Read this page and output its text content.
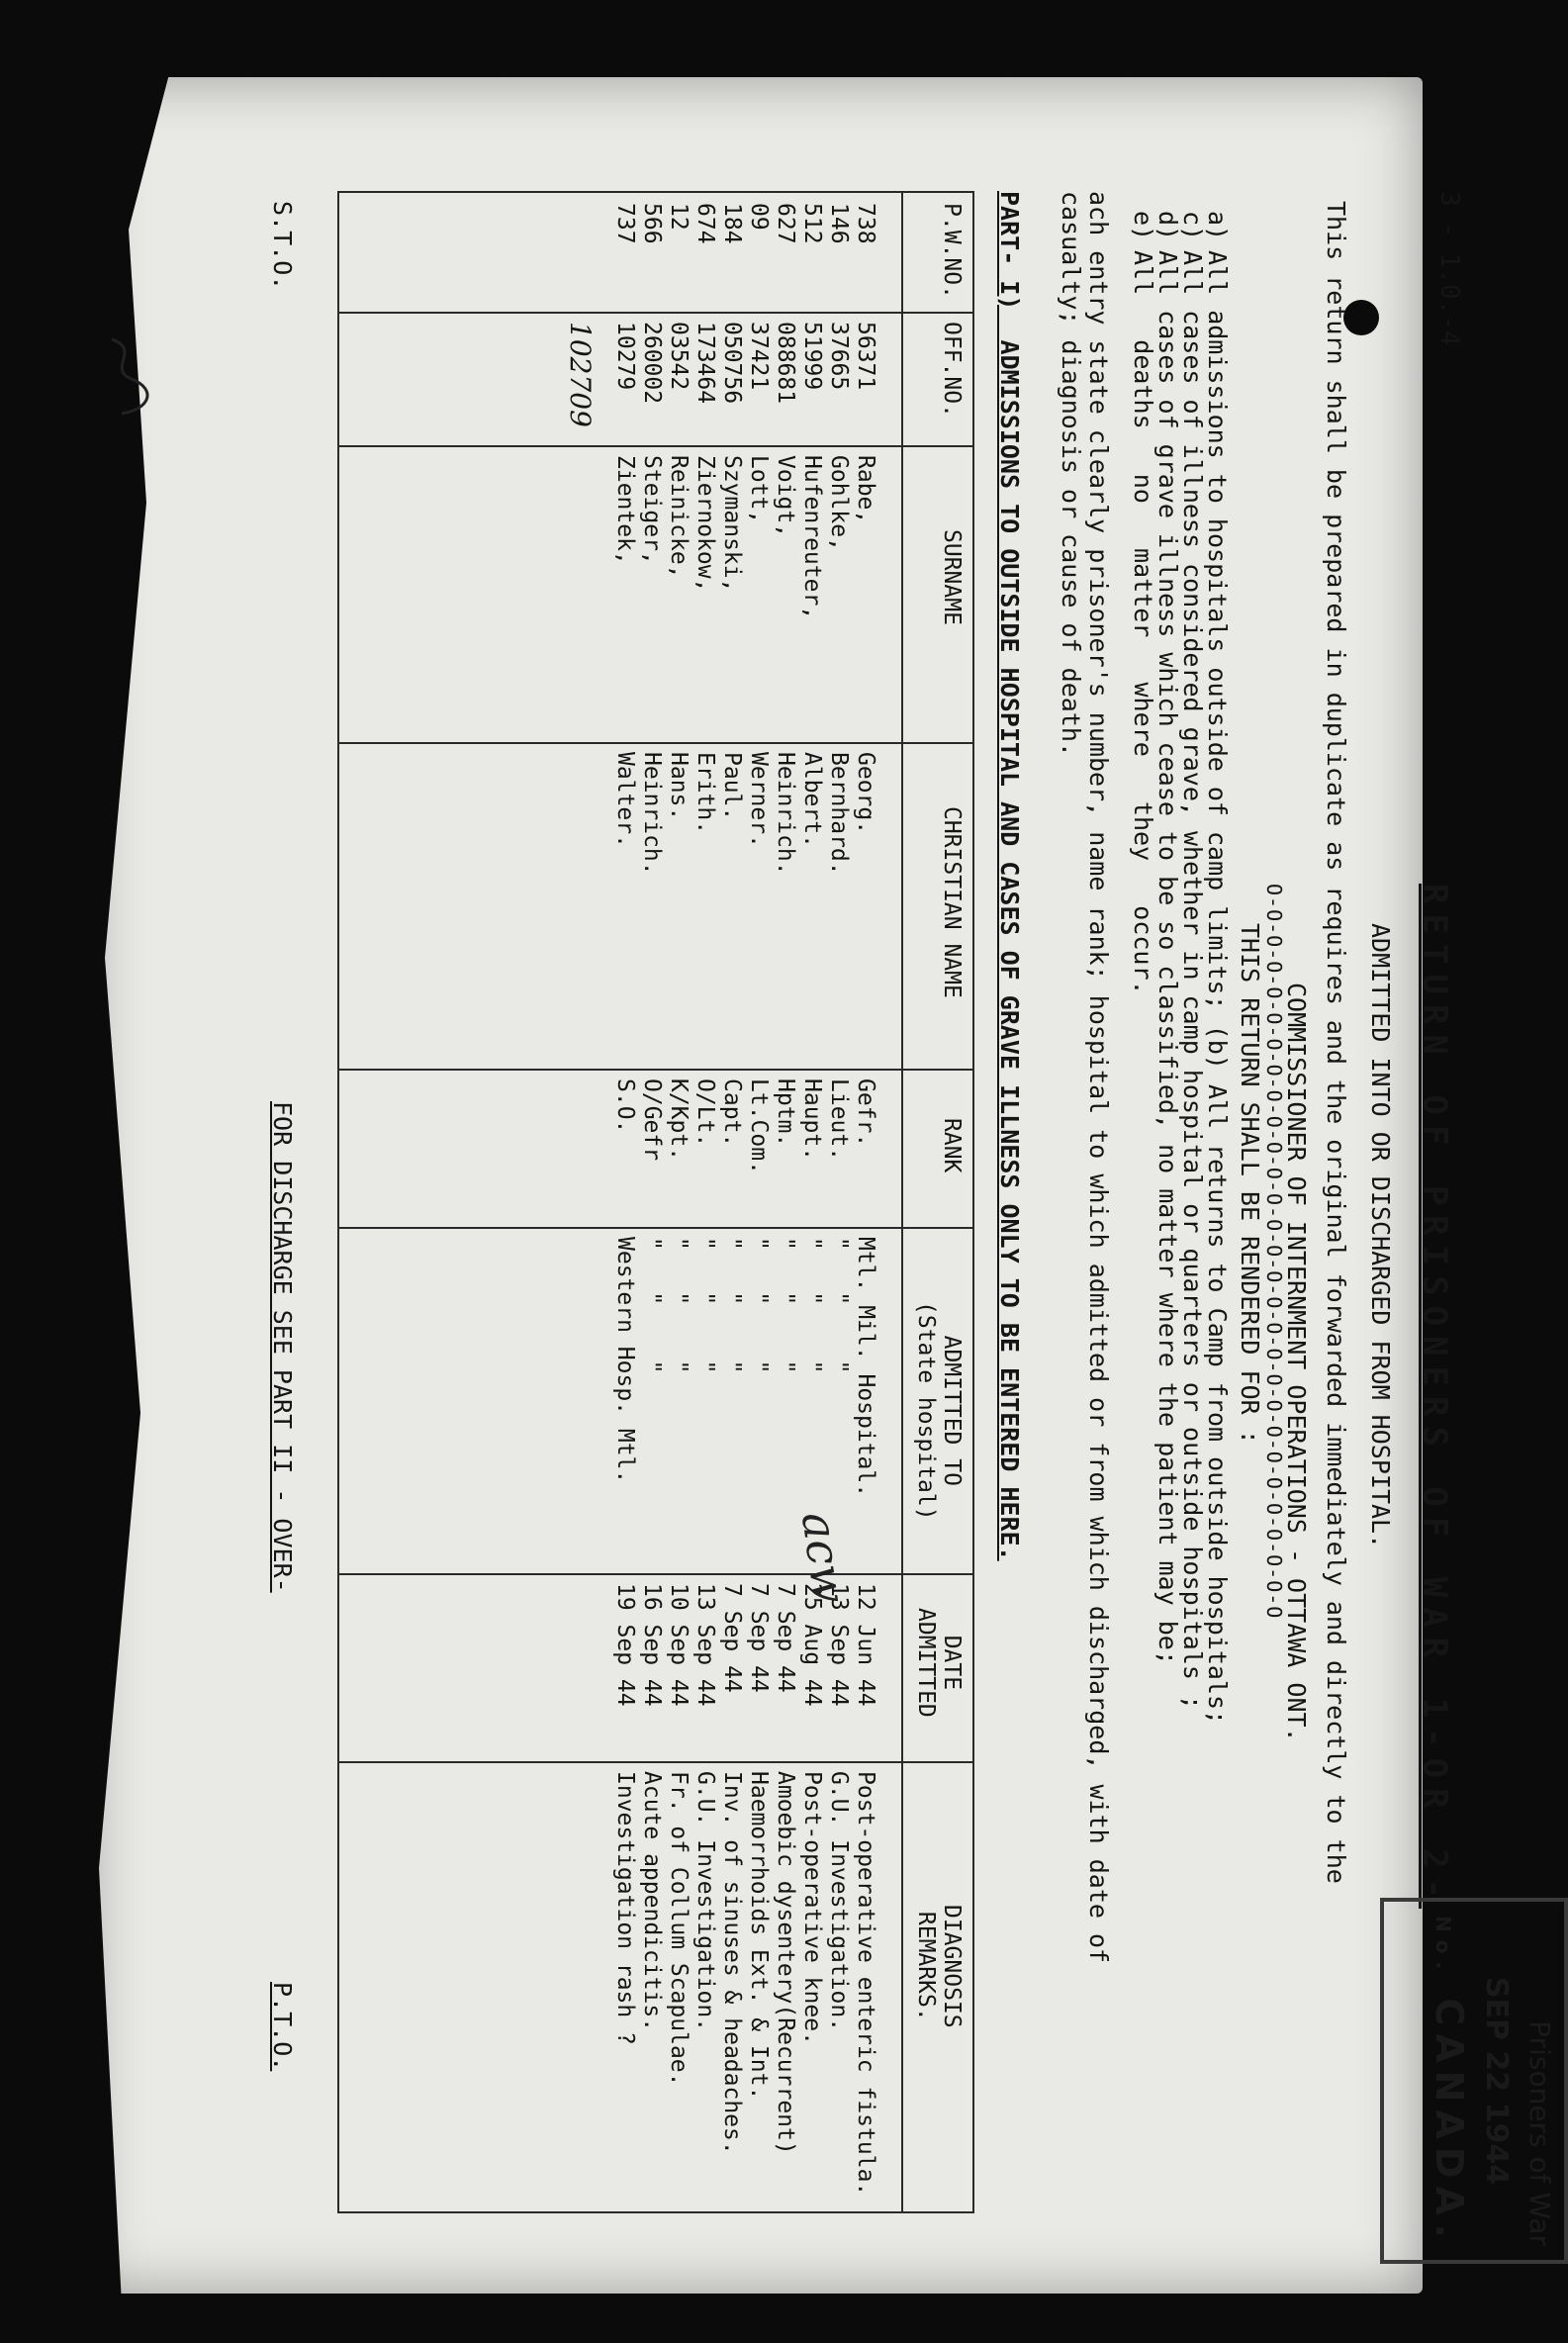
3 - 1.0.-4
RETURN OF PRISONERS OF WAR 1-OR 2-
ADMITTED INTO OR DISCHARGED FROM HOSPITAL.
This return shall be prepared in duplicate as requires and the original forwarded immediately and directly to the
COMMISSIONER OF INTERNMENT OPERATIONS - OTTAWA ONT.
O-O-O-O-O-O-O-O-O-O-O-O-O-O-O-O-O-O-O-O-O-O-O-O-O-O-O-O-O
THIS RETURN SHALL BE RENDERED FOR :
a)All admissions to hospitals outside of camp limits; (b) All returns to Camp from outside hospitals;
c)All cases of illness considered grave, whether in camp hospital or quarters or outside hospitals ;
d)All cases of grave illness which cease to be so classified, no matter where the patient may be;
e)All   deaths   no   matter   where   they   occur.
ach entry state clearly prisoner's number, name rank; hospital to which admitted or from which discharged, with date of
casualty; diagnosis or cause of death.
PART- I)  ADMISSIONS TO OUTSIDE HOSPITAL AND CASES OF GRAVE ILLNESS ONLY TO BE ENTERED HERE.
P.W.NO.
OFF.NO.
SURNAME
CHRISTIAN NAME
RANK
ADMITTED TO
(State hospital)
DATE
ADMITTED
DIAGNOSIS
REMARKS.
738
56371
Rabe,
Georg.
Gefr.
Mtl. Mil. Hospital.
12 Jun 44
Post-operative enteric fistula.
146
37665
Gohlke,
Bernhard.
Lieut.
"   "    "
13 Sep 44
G.U. Investigation.
512
51999
Hufenreuter,
Albert.
Haupt.
"   "    "
25 Aug 44
Post-operative knee.
627
088681
Voigt,
Heinrich.
Hptm.
"   "    "
7 Sep 44
Amoebic dysentery(Recurrent)
09
37421
Lott,
Werner.
Lt.Com.
"   "    "
7 Sep 44
Haemorrhoids Ext. & Int.
184
050756
Szymanski,
Paul.
Capt.
"   "    "
7 Sep 44
Inv. of sinuses & headaches.
674
173464
Ziernokow,
Erith.
O/Lt.
"   "    "
13 Sep 44
G.U. Investigation.
12
03542
Reinicke,
Hans.
K/Kpt.
"   "    "
10 Sep 44
Fr. of Collum Scapulae.
566
260002
Steiger,
Heinrich.
O/Gefr
"   "    "
16 Sep 44
Acute appendicitis.
737
10279
Zientek,
Walter.
S.O.
Western Hosp. Mtl.
19 Sep 44
Investigation rash ?
102709
S.T.O.
FOR DISCHARGE SEE PART II - OVER-
P.T.O.
acw
Prisoners of War
SEP 22 1944
No. CANADA.
